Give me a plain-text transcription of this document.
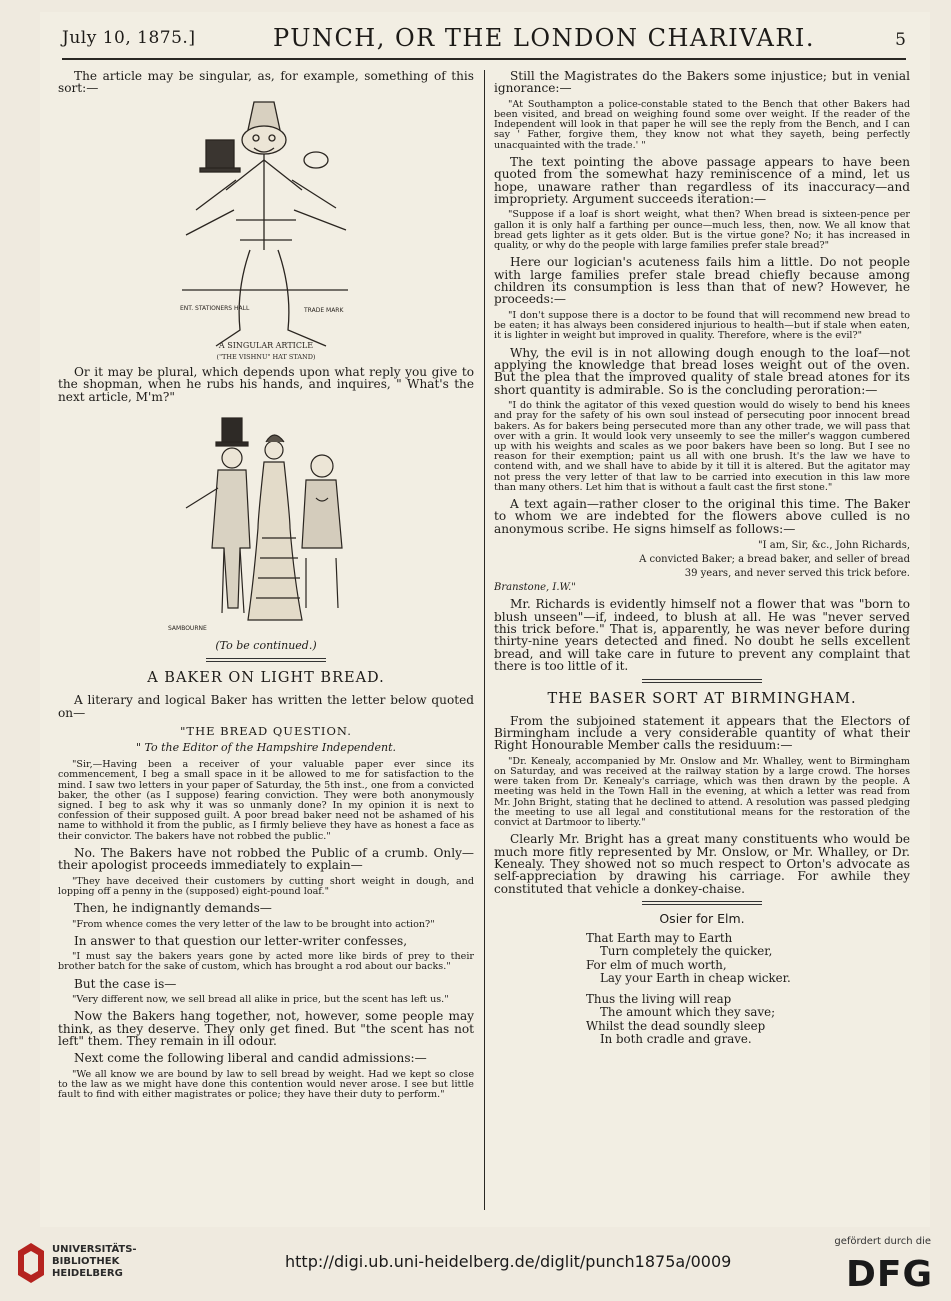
July 10, 1875.]	PUNCH, OR THE LONDON CHARIVARI.	5

The article may be singular, as, for example, something of this sort:—

ENT. STATIONERS HALL	TRADE MARK
A SINGULAR ARTICLE
("THE VISHNU" HAT STAND)

Or it may be plural, which depends upon what reply you give to the shopman, when he rubs his hands, and inquires, " What's the next article, M'm?"

SAMBOURNE

(To be continued.)

A BAKER ON LIGHT BREAD.

A literary and logical Baker has written the letter below quoted on—

"THE BREAD QUESTION.
" To the Editor of the Hampshire Independent.

"Sir,—Having been a receiver of your valuable paper ever since its commencement, I beg a small space in it be allowed to me for satisfaction to the mind. I saw two letters in your paper of Saturday, the 5th inst., one from a convicted baker, the other (as I suppose) fearing conviction. They were both anonymously signed. I beg to ask why it was so unmanly done? In my opinion it is next to confession of their supposed guilt. A poor bread baker need not be ashamed of his name to withhold it from the public, as I firmly believe they have as honest a face as their convictor. The bakers have not robbed the public."

No. The Bakers have not robbed the Public of a crumb. Only—their apologist proceeds immediately to explain—

"They have deceived their customers by cutting short weight in dough, and lopping off a penny in the (supposed) eight-pound loaf."

Then, he indignantly demands—

"From whence comes the very letter of the law to be brought into action?"

In answer to that question our letter-writer confesses,

"I must say the bakers years gone by acted more like birds of prey to their brother batch for the sake of custom, which has brought a rod about our backs."

But the case is—

"Very different now, we sell bread all alike in price, but the scent has left us."

Now the Bakers hang together, not, however, some people may think, as they deserve. They only get fined. But "the scent has not left" them. They remain in ill odour.

Next come the following liberal and candid admissions:—

"We all know we are bound by law to sell bread by weight. Had we kept so close to the law as we might have done this contention would never arose. I see but little fault to find with either magistrates or police; they have their duty to perform."

Still the Magistrates do the Bakers some injustice; but in venial ignorance:—

"At Southampton a police-constable stated to the Bench that other Bakers had been visited, and bread on weighing found some over weight. If the reader of the Independent will look in that paper he will see the reply from the Bench, and I can say ' Father, forgive them, they know not what they sayeth, being perfectly unacquainted with the trade.' "

The text pointing the above passage appears to have been quoted from the somewhat hazy reminiscence of a mind, let us hope, unaware rather than regardless of its inaccuracy—and impropriety. Argument succeeds iteration:—

"Suppose if a loaf is short weight, what then? When bread is sixteen-pence per gallon it is only half a farthing per ounce—much less, then, now. We all know that bread gets lighter as it gets older. But is the virtue gone? No; it has increased in quality, or why do the people with large families prefer stale bread?"

Here our logician's acuteness fails him a little. Do not people with large families prefer stale bread chiefly because among children its consumption is less than that of new? However, he proceeds:—

"I don't suppose there is a doctor to be found that will recommend new bread to be eaten; it has always been considered injurious to health—but if stale when eaten, it is lighter in weight but improved in quality. Therefore, where is the evil?"

Why, the evil is in not allowing dough enough to the loaf—not applying the knowledge that bread loses weight out of the oven. But the plea that the improved quality of stale bread atones for its short quantity is admirable. So is the concluding peroration:—

"I do think the agitator of this vexed question would do wisely to bend his knees and pray for the safety of his own soul instead of persecuting poor innocent bread bakers. As for bakers being persecuted more than any other trade, we will pass that over with a grin. It would look very unseemly to see the miller's waggon cumbered up with his weights and scales as we poor bakers have been so long. But I see no reason for their exemption; paint us all with one brush. It's the law we have to contend with, and we shall have to abide by it till it is altered. But the agitator may not press the very letter of that law to be carried into execution in this law more than many others. Let him that is without a fault cast the first stone."

A text again—rather closer to the original this time. The Baker to whom we are indebted for the flowers above culled is no anonymous scribe. He signs himself as follows:—

"I am, Sir, &c., John Richards,
A convicted Baker; a bread baker, and seller of bread
39 years, and never served this trick before.
Branstone, I.W."

Mr. Richards is evidently himself not a flower that was "born to blush unseen"—if, indeed, to blush at all. He was "never served this trick before." That is, apparently, he was never before during thirty-nine years detected and fined. No doubt he sells excellent bread, and will take care in future to prevent any complaint that there is too little of it.

THE BASER SORT AT BIRMINGHAM.

From the subjoined statement it appears that the Electors of Birmingham include a very considerable quantity of what their Right Honourable Member calls the residuum:—

"Dr. Kenealy, accompanied by Mr. Onslow and Mr. Whalley, went to Birmingham on Saturday, and was received at the railway station by a large crowd. The horses were taken from Dr. Kenealy's carriage, which was then drawn by the people. A meeting was held in the Town Hall in the evening, at which a letter was read from Mr. John Bright, stating that he declined to attend. A resolution was passed pledging the meeting to use all legal and constitutional means for the restoration of the convict at Dartmoor to liberty."

Clearly Mr. Bright has a great many constituents who would be much more fitly represented by Mr. Onslow, or Mr. Whalley, or Dr. Kenealy. They showed not so much respect to Orton's advocate as self-appreciation by drawing his carriage. For awhile they constituted that vehicle a donkey-chaise.

Osier for Elm.
That Earth may to Earth
Turn completely the quicker,
For elm of much worth,
Lay your Earth in cheap wicker.
Thus the living will reap
The amount which they save;
Whilst the dead soundly sleep
In both cradle and grave.
UNIVERSITÄTS-
BIBLIOTHEK
HEIDELBERG
http://digi.ub.uni-heidelberg.de/diglit/punch1875a/0009
gefördert durch die
DFG
